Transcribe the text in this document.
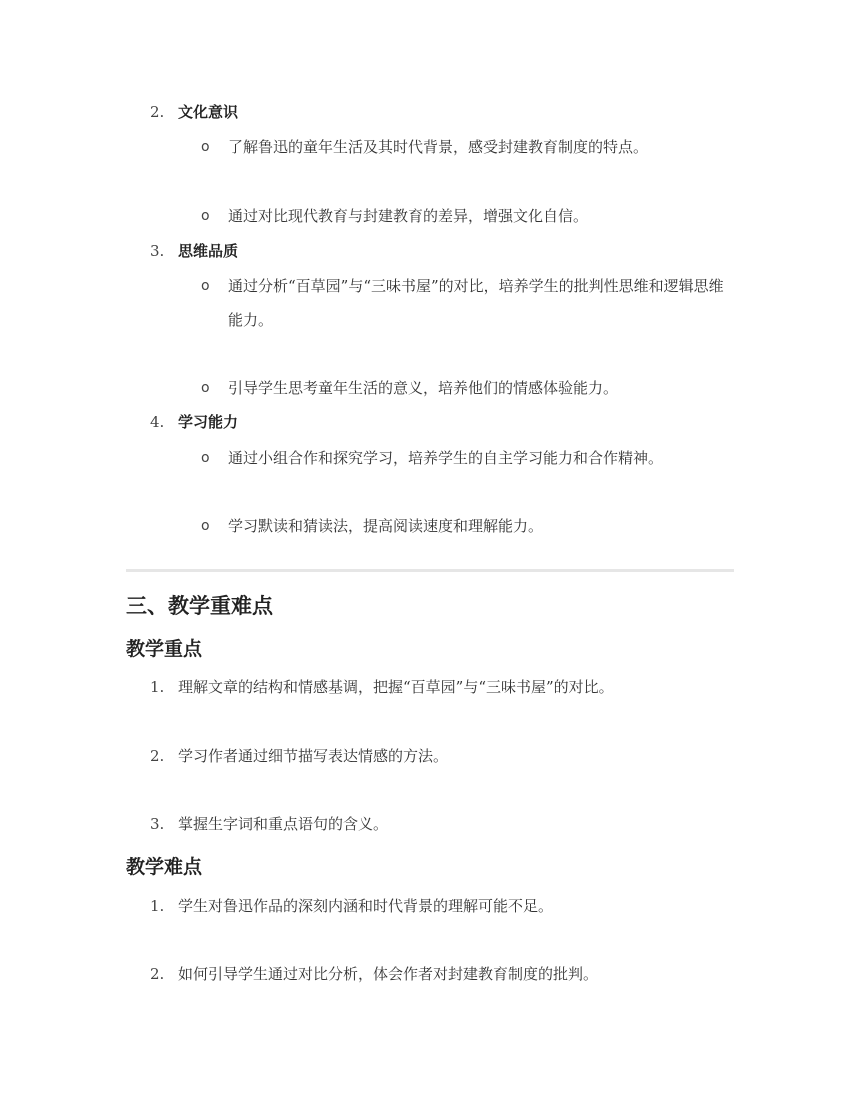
2. 文化意识
o	了解鲁迅的童年生活及其时代背景，感受封建教育制度的特点。
o	通过对比现代教育与封建教育的差异，增强文化自信。
3. 思维品质
o	通过分析“百草园”与“三味书屋”的对比，培养学生的批判性思维和逻辑思维能力。
o	引导学生思考童年生活的意义，培养他们的情感体验能力。
4. 学习能力
o	通过小组合作和探究学习，培养学生的自主学习能力和合作精神。
o	学习默读和猜读法，提高阅读速度和理解能力。
三、教学重难点
教学重点
1. 理解文章的结构和情感基调，把握“百草园”与“三味书屋”的对比。
2. 学习作者通过细节描写表达情感的方法。
3. 掌握生字词和重点语句的含义。
教学难点
1. 学生对鲁迅作品的深刻内涵和时代背景的理解可能不足。
2. 如何引导学生通过对比分析，体会作者对封建教育制度的批判。
